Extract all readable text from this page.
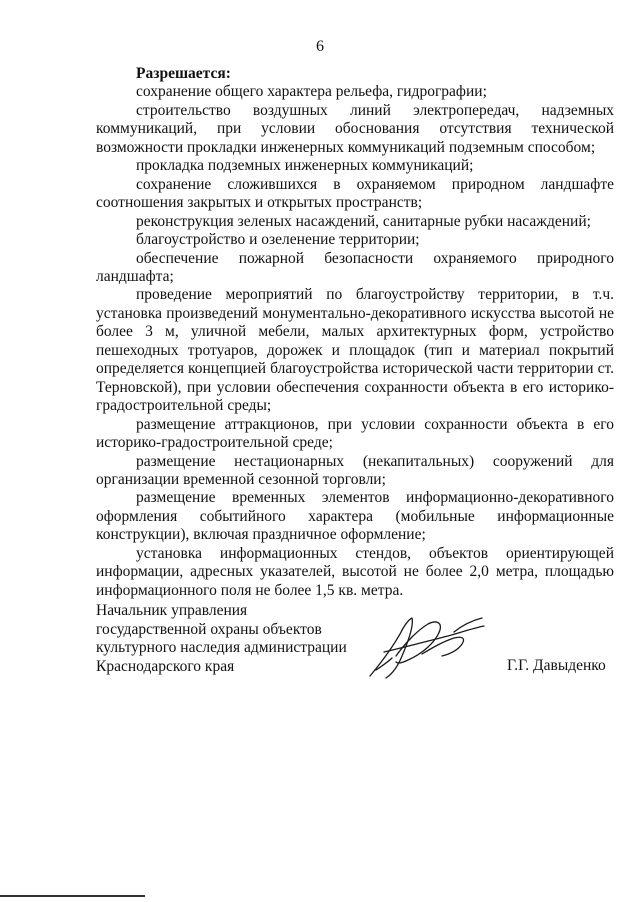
6

Разрешается:

сохранение общего характера рельефа, гидрографии;

строительство воздушных линий электропередач, надземных коммуникаций, при условии обоснования отсутствия технической возможности прокладки инженерных коммуникаций подземным способом;

прокладка подземных инженерных коммуникаций;

сохранение сложившихся в охраняемом природном ландшафте соотношения закрытых и открытых пространств;

реконструкция зеленых насаждений, санитарные рубки насаждений;

благоустройство и озеленение территории;

обеспечение пожарной безопасности охраняемого природного ландшафта;

проведение мероприятий по благоустройству территории, в т.ч. установка произведений монументально-декоративного искусства высотой не более 3 м, уличной мебели, малых архитектурных форм, устройство пешеходных тротуаров, дорожек и площадок (тип и материал покрытий определяется концепцией благоустройства исторической части территории ст. Терновской), при условии обеспечения сохранности объекта в его историко-градостроительной среды;

размещение аттракционов, при условии сохранности объекта в его историко-градостроительной среде;

размещение нестационарных (некапитальных) сооружений для организации временной сезонной торговли;

размещение временных элементов информационно-декоративного оформления событийного характера (мобильные информационные конструкции), включая праздничное оформление;

установка информационных стендов, объектов ориентирующей информации, адресных указателей, высотой не более 2,0 метра, площадью информационного поля не более 1,5 кв. метра.

Начальник управления

государственной охраны объектов

культурного наследия администрации

Краснодарского края	Г.Г. Давыденко
